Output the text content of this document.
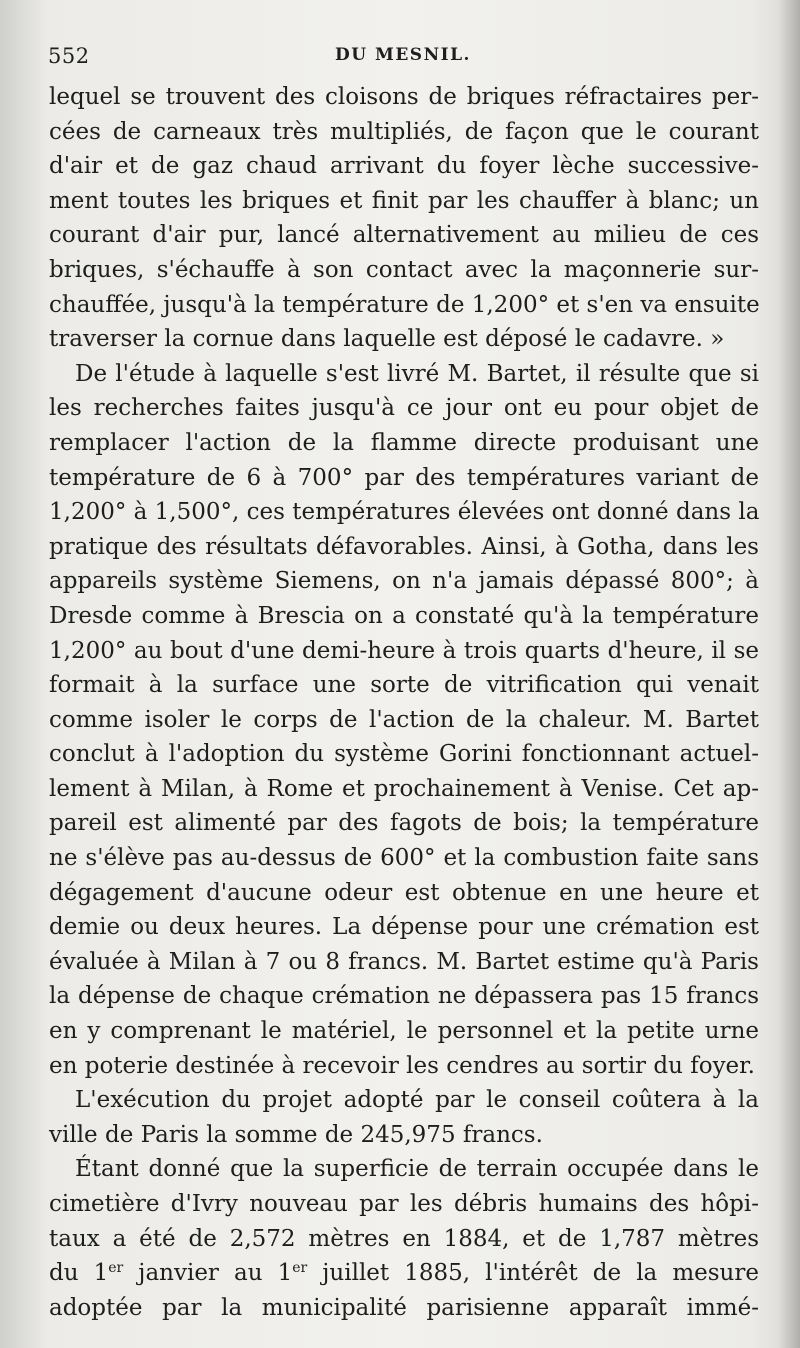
552	DU MESNIL.
lequel se trouvent des cloisons de briques réfractaires per-
cées de carneaux très multipliés, de façon que le courant
d'air et de gaz chaud arrivant du foyer lèche successive-
ment toutes les briques et finit par les chauffer à blanc; un
courant d'air pur, lancé alternativement au milieu de ces
briques, s'échauffe à son contact avec la maçonnerie sur-
chauffée, jusqu'à la température de 1,200° et s'en va ensuite
traverser la cornue dans laquelle est déposé le cadavre. »
De l'étude à laquelle s'est livré M. Bartet, il résulte que si
les recherches faites jusqu'à ce jour ont eu pour objet de
remplacer l'action de la flamme directe produisant une
température de 6 à 700° par des températures variant de
1,200° à 1,500°, ces températures élevées ont donné dans la
pratique des résultats défavorables. Ainsi, à Gotha, dans les
appareils système Siemens, on n'a jamais dépassé 800°; à
Dresde comme à Brescia on a constaté qu'à la température
1,200° au bout d'une demi-heure à trois quarts d'heure, il se
formait à la surface une sorte de vitrification qui venait
comme isoler le corps de l'action de la chaleur. M. Bartet
conclut à l'adoption du système Gorini fonctionnant actuel-
lement à Milan, à Rome et prochainement à Venise. Cet ap-
pareil est alimenté par des fagots de bois; la température
ne s'élève pas au-dessus de 600° et la combustion faite sans
dégagement d'aucune odeur est obtenue en une heure et
demie ou deux heures. La dépense pour une crémation est
évaluée à Milan à 7 ou 8 francs. M. Bartet estime qu'à Paris
la dépense de chaque crémation ne dépassera pas 15 francs
en y comprenant le matériel, le personnel et la petite urne
en poterie destinée à recevoir les cendres au sortir du foyer.
L'exécution du projet adopté par le conseil coûtera à la
ville de Paris la somme de 245,975 francs.
Étant donné que la superficie de terrain occupée dans le
cimetière d'Ivry nouveau par les débris humains des hôpi-
taux a été de 2,572 mètres en 1884, et de 1,787 mètres
du 1er janvier au 1er juillet 1885, l'intérêt de la mesure
adoptée par la municipalité parisienne apparaît immé-
